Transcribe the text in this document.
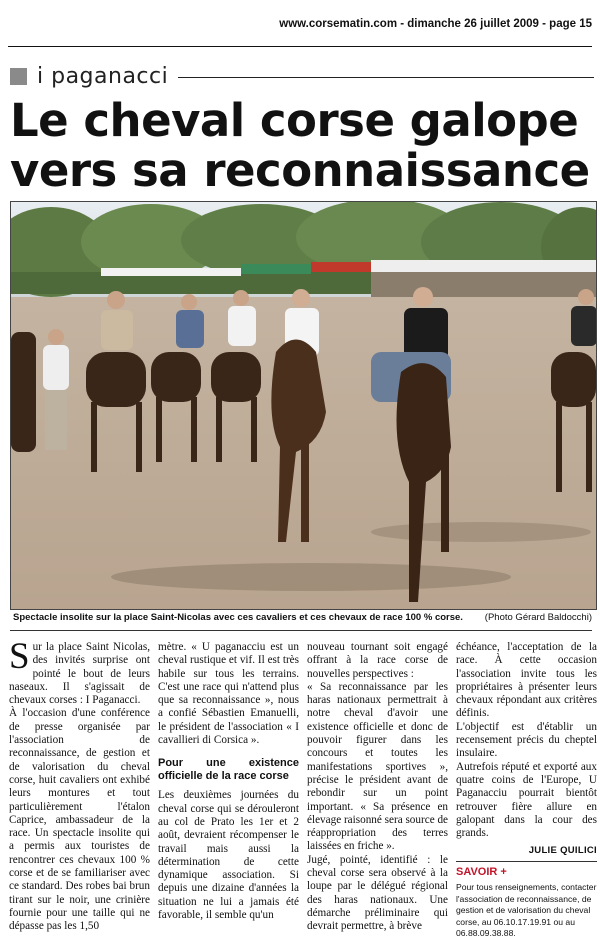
www.corsematin.com - dimanche 26 juillet 2009 - page 15
i paganacci
Le cheval corse galope
vers sa reconnaissance
Spectacle insolite sur la place Saint-Nicolas avec ces cavaliers et ces chevaux de race 100 % corse. (Photo Gérard Baldocchi)

Sur la place Saint Nicolas, des invités surprise ont pointé le bout de leurs naseaux. Il s'agissait de chevaux corses : I Paganacci.

À l'occasion d'une conférence de presse organisée par l'association de reconnaissance, de gestion et de valorisation du cheval corse, huit cavaliers ont exhibé leurs montures et tout particulièrement l'étalon Caprice, ambassadeur de la race. Un spectacle insolite qui a permis aux touristes de rencontrer ces chevaux 100 % corse et de se familiariser avec ce standard. Des robes bai brun tirant sur le noir, une crinière fournie pour une taille qui ne dépasse pas les 1,50

mètre. « U paganacciu est un cheval rustique et vif. Il est très habile sur tous les terrains. C'est une race qui n'attend plus que sa reconnaissance », nous a confié Sébastien Emanuelli, le président de l'association « I cavallieri di Corsica ».

Pour une existence officielle de la race corse

Les deuxièmes journées du cheval corse qui se dérouleront au col de Prato les 1er et 2 août, devraient récompenser le travail mais aussi la détermination de cette dynamique association. Si depuis une dizaine d'années la situation ne lui a jamais été favorable, il semble qu'un

nouveau tournant soit engagé offrant à la race corse de nouvelles perspectives :

« Sa reconnaissance par les haras nationaux permettrait à notre cheval d'avoir une existence officielle et donc de pouvoir figurer dans les concours et toutes les manifestations sportives », précise le président avant de rebondir sur un point important. « Sa présence en élevage raisonné sera source de réappropriation des terres laissées en friche ».

Jugé, pointé, identifié : le cheval corse sera observé à la loupe par le délégué régional des haras nationaux. Une démarche préliminaire qui devrait permettre, à brève

échéance, l'acceptation de la race. À cette occasion l'association invite tous les propriétaires à présenter leurs chevaux répondant aux critères définis.

L'objectif est d'établir un recensement précis du cheptel insulaire.

Autrefois réputé et exporté aux quatre coins de l'Europe, U Paganacciu pourrait bientôt retrouver fière allure en galopant dans la cour des grands.

JULIE QUILICI
SAVOIR +
Pour tous renseignements, contacter l'association de reconnaissance, de gestion et de valorisation du cheval corse, au 06.10.17.19.91 ou au 06.88.09.38.88.
